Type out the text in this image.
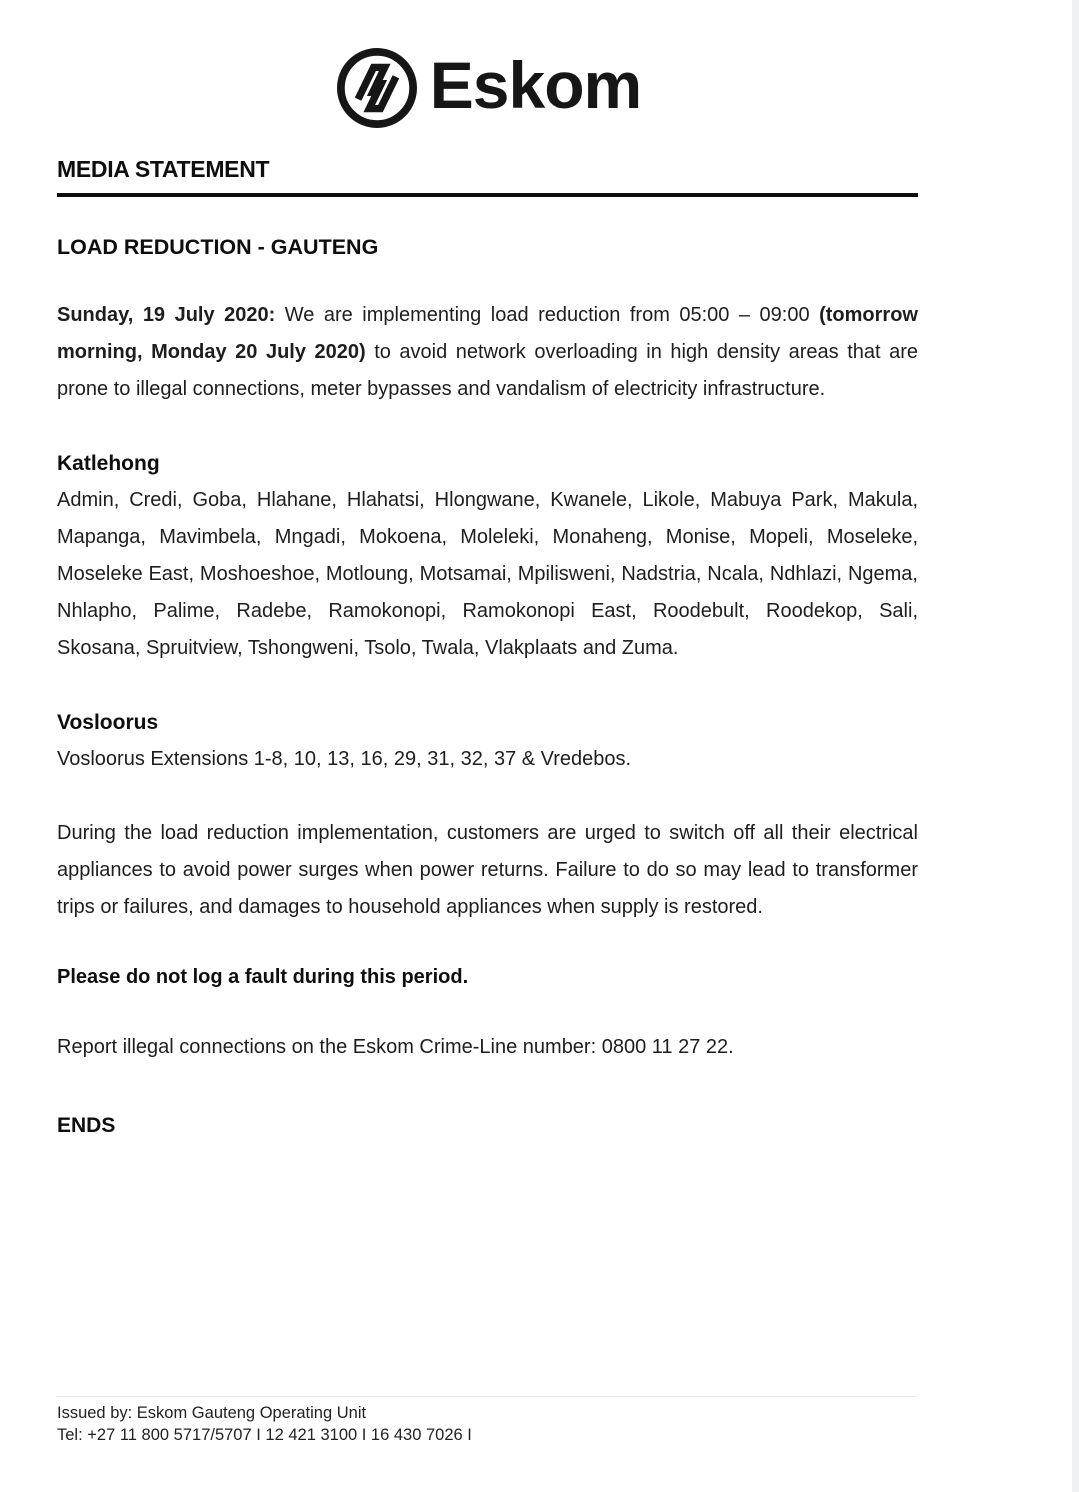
Eskom
MEDIA STATEMENT
LOAD REDUCTION - GAUTENG

Sunday, 19 July 2020: We are implementing load reduction from 05:00 – 09:00 (tomorrow morning, Monday 20 July 2020) to avoid network overloading in high density areas that are prone to illegal connections, meter bypasses and vandalism of electricity infrastructure.

Katlehong

Admin, Credi, Goba, Hlahane, Hlahatsi, Hlongwane, Kwanele, Likole, Mabuya Park, Makula, Mapanga, Mavimbela, Mngadi, Mokoena, Moleleki, Monaheng, Monise, Mopeli, Moseleke, Moseleke East, Moshoeshoe, Motloung, Motsamai, Mpilisweni, Nadstria, Ncala, Ndhlazi, Ngema, Nhlapho, Palime, Radebe, Ramokonopi, Ramokonopi East, Roodebult, Roodekop, Sali, Skosana, Spruitview, Tshongweni, Tsolo, Twala, Vlakplaats and Zuma.

Vosloorus

Vosloorus Extensions 1-8, 10, 13, 16, 29, 31, 32, 37 & Vredebos.

During the load reduction implementation, customers are urged to switch off all their electrical appliances to avoid power surges when power returns. Failure to do so may lead to transformer trips or failures, and damages to household appliances when supply is restored.

Please do not log a fault during this period.

Report illegal connections on the Eskom Crime-Line number: 0800 11 27 22.

ENDS

Issued by: Eskom Gauteng Operating Unit
Tel: +27 11 800 5717/5707 I 12 421 3100 I 16 430 7026 I
